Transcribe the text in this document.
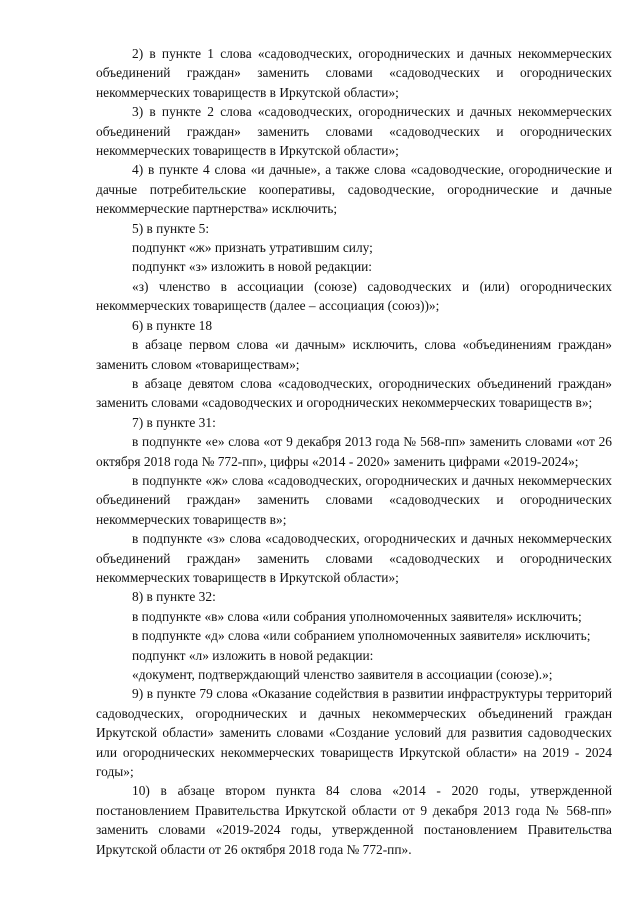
2) в пункте 1 слова «садоводческих, огороднических и дачных некоммерческих объединений граждан» заменить словами «садоводческих и огороднических некоммерческих товариществ в Иркутской области»;

3) в пункте 2 слова «садоводческих, огороднических и дачных некоммерческих объединений граждан» заменить словами «садоводческих и огороднических некоммерческих товариществ в Иркутской области»;

4) в пункте 4 слова «и дачные», а также слова «садоводческие, огороднические и дачные потребительские кооперативы, садоводческие, огороднические и дачные некоммерческие партнерства» исключить;

5) в пункте 5:

подпункт «ж» признать утратившим силу;

подпункт «з» изложить в новой редакции:

«з) членство в ассоциации (союзе) садоводческих и (или) огороднических некоммерческих товариществ (далее – ассоциация (союз))»;

6) в пункте 18

в абзаце первом слова «и дачным» исключить, слова «объединениям граждан» заменить словом «товариществам»;

в абзаце девятом слова «садоводческих, огороднических объединений граждан» заменить словами «садоводческих и огороднических некоммерческих товариществ в»;

7) в пункте 31:

в подпункте «е» слова «от 9 декабря 2013 года № 568-пп» заменить словами «от 26 октября 2018 года № 772-пп», цифры «2014 - 2020» заменить цифрами «2019-2024»;

в подпункте «ж» слова «садоводческих, огороднических и дачных некоммерческих объединений граждан» заменить словами «садоводческих и огороднических некоммерческих товариществ в»;

в подпункте «з» слова «садоводческих, огороднических и дачных некоммерческих объединений граждан» заменить словами «садоводческих и огороднических некоммерческих товариществ в Иркутской области»;

8) в пункте 32:

в подпункте «в» слова «или собрания уполномоченных заявителя» исключить;

в подпункте «д» слова «или собранием уполномоченных заявителя» исключить;

подпункт «л» изложить в новой редакции:

«документ, подтверждающий членство заявителя в ассоциации (союзе).»;

9) в пункте 79 слова «Оказание содействия в развитии инфраструктуры территорий садоводческих, огороднических и дачных некоммерческих объединений граждан Иркутской области» заменить словами «Создание условий для развития садоводческих или огороднических некоммерческих товариществ Иркутской области» на 2019 - 2024 годы»;

10) в абзаце втором пункта 84 слова «2014 - 2020 годы, утвержденной постановлением Правительства Иркутской области от 9 декабря 2013 года № 568-пп» заменить словами «2019-2024 годы, утвержденной постановлением Правительства Иркутской области от 26 октября 2018 года № 772-пп».
